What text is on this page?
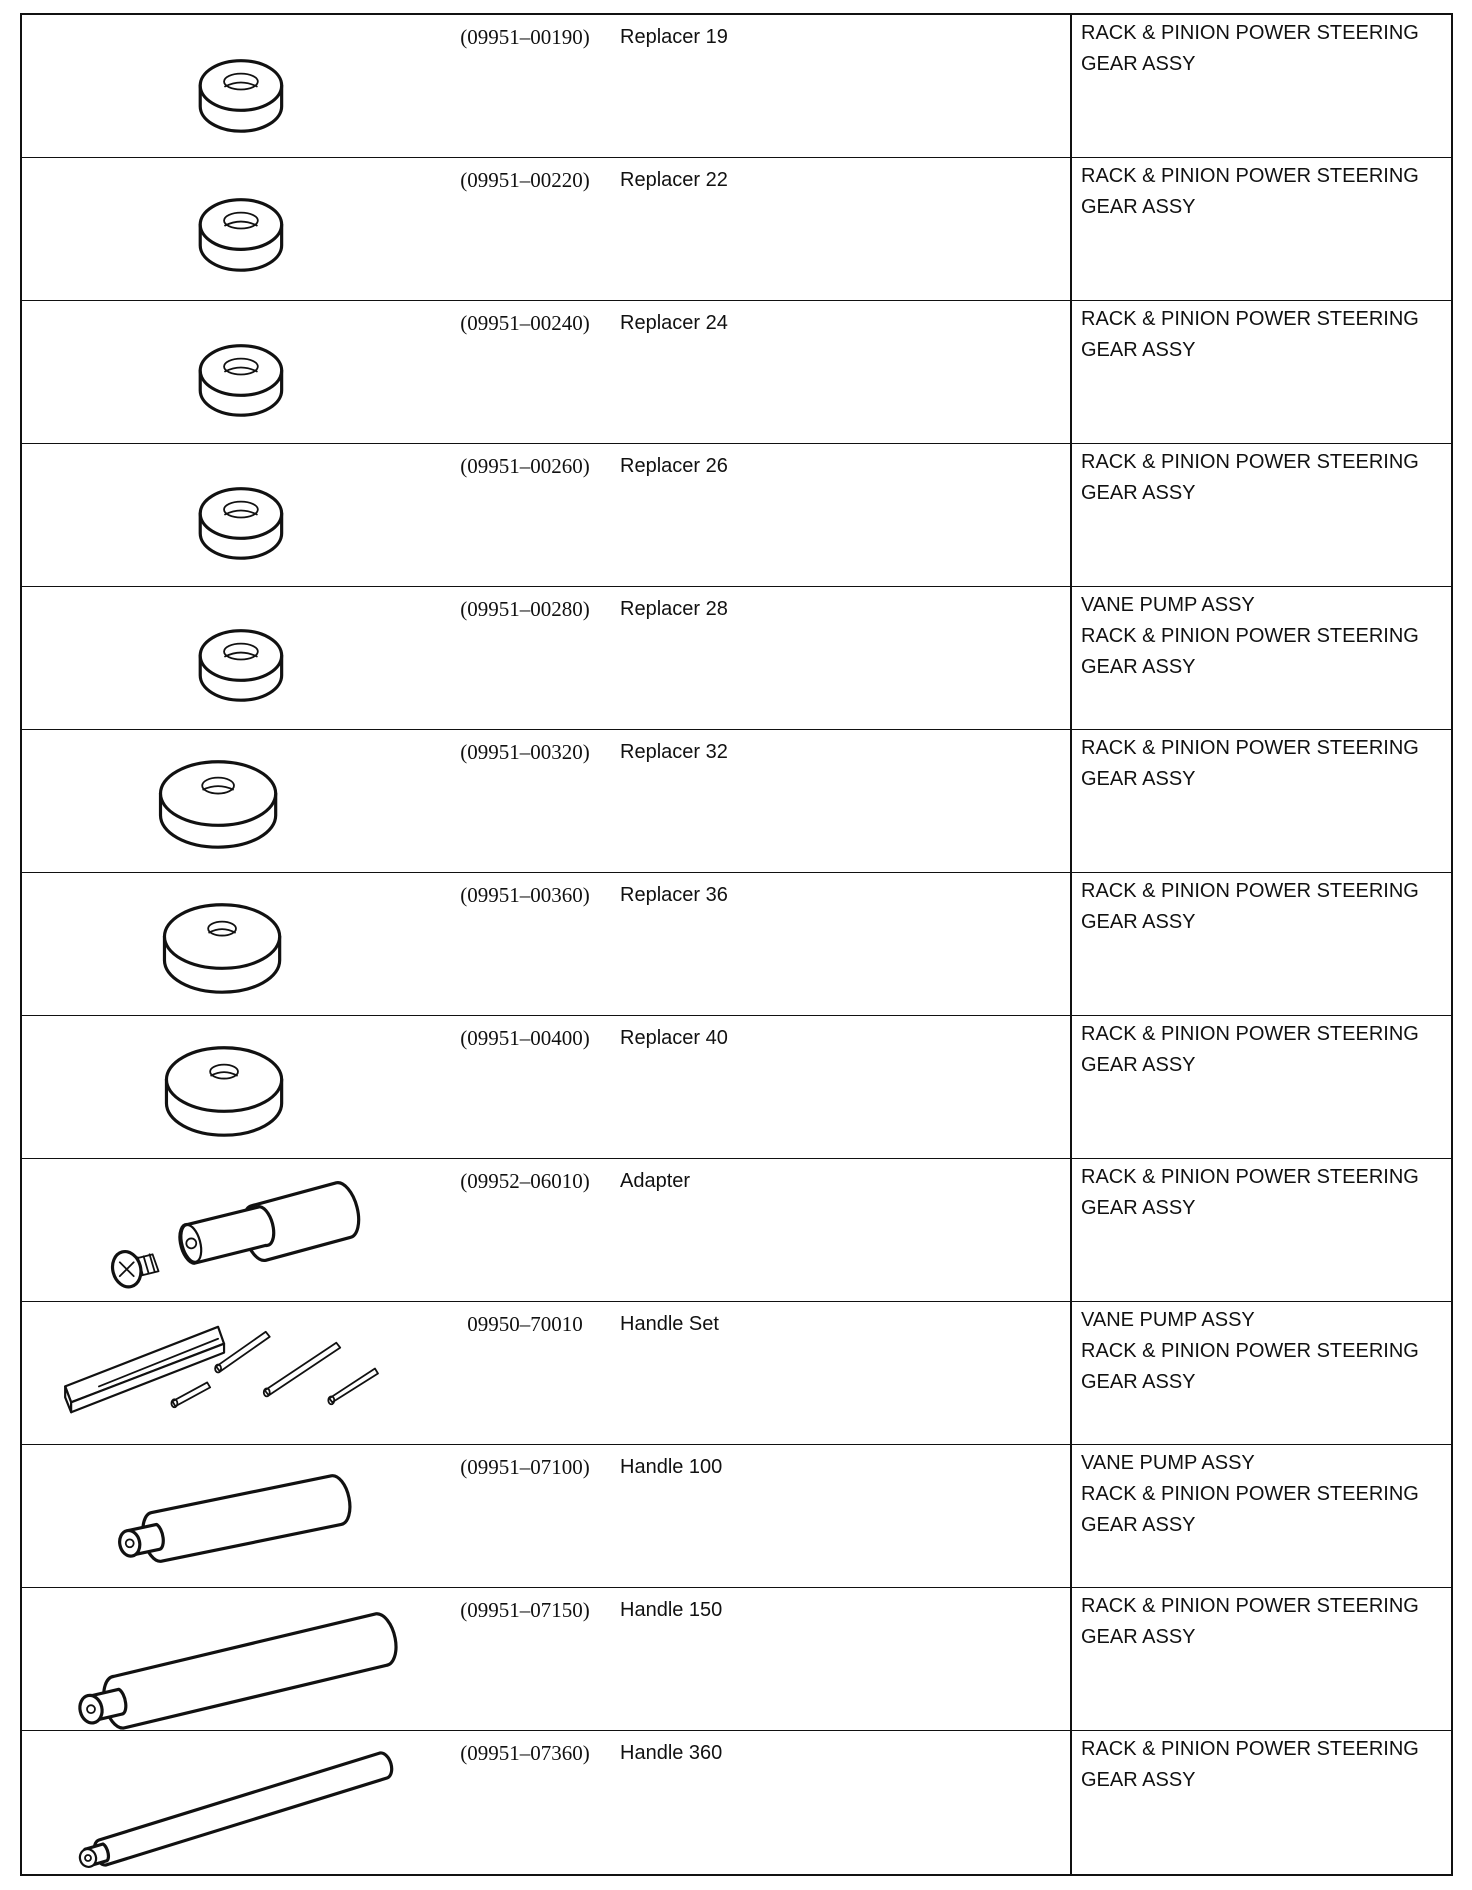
(09951–00190)	Replacer 19	RACK & PINION POWER STEERING
GEAR ASSY
(09951–00220)	Replacer 22	RACK & PINION POWER STEERING
GEAR ASSY
(09951–00240)	Replacer 24	RACK & PINION POWER STEERING
GEAR ASSY
(09951–00260)	Replacer 26	RACK & PINION POWER STEERING
GEAR ASSY
(09951–00280)	Replacer 28	VANE PUMP ASSY
RACK & PINION POWER STEERING
GEAR ASSY
(09951–00320)	Replacer 32	RACK & PINION POWER STEERING
GEAR ASSY
(09951–00360)	Replacer 36	RACK & PINION POWER STEERING
GEAR ASSY
(09951–00400)	Replacer 40	RACK & PINION POWER STEERING
GEAR ASSY
(09952–06010)	Adapter	RACK & PINION POWER STEERING
GEAR ASSY
09950–70010	Handle Set	VANE PUMP ASSY
RACK & PINION POWER STEERING
GEAR ASSY
(09951–07100)	Handle 100	VANE PUMP ASSY
RACK & PINION POWER STEERING
GEAR ASSY
(09951–07150)	Handle 150	RACK & PINION POWER STEERING
GEAR ASSY
(09951–07360)	Handle 360	RACK & PINION POWER STEERING
GEAR ASSY
